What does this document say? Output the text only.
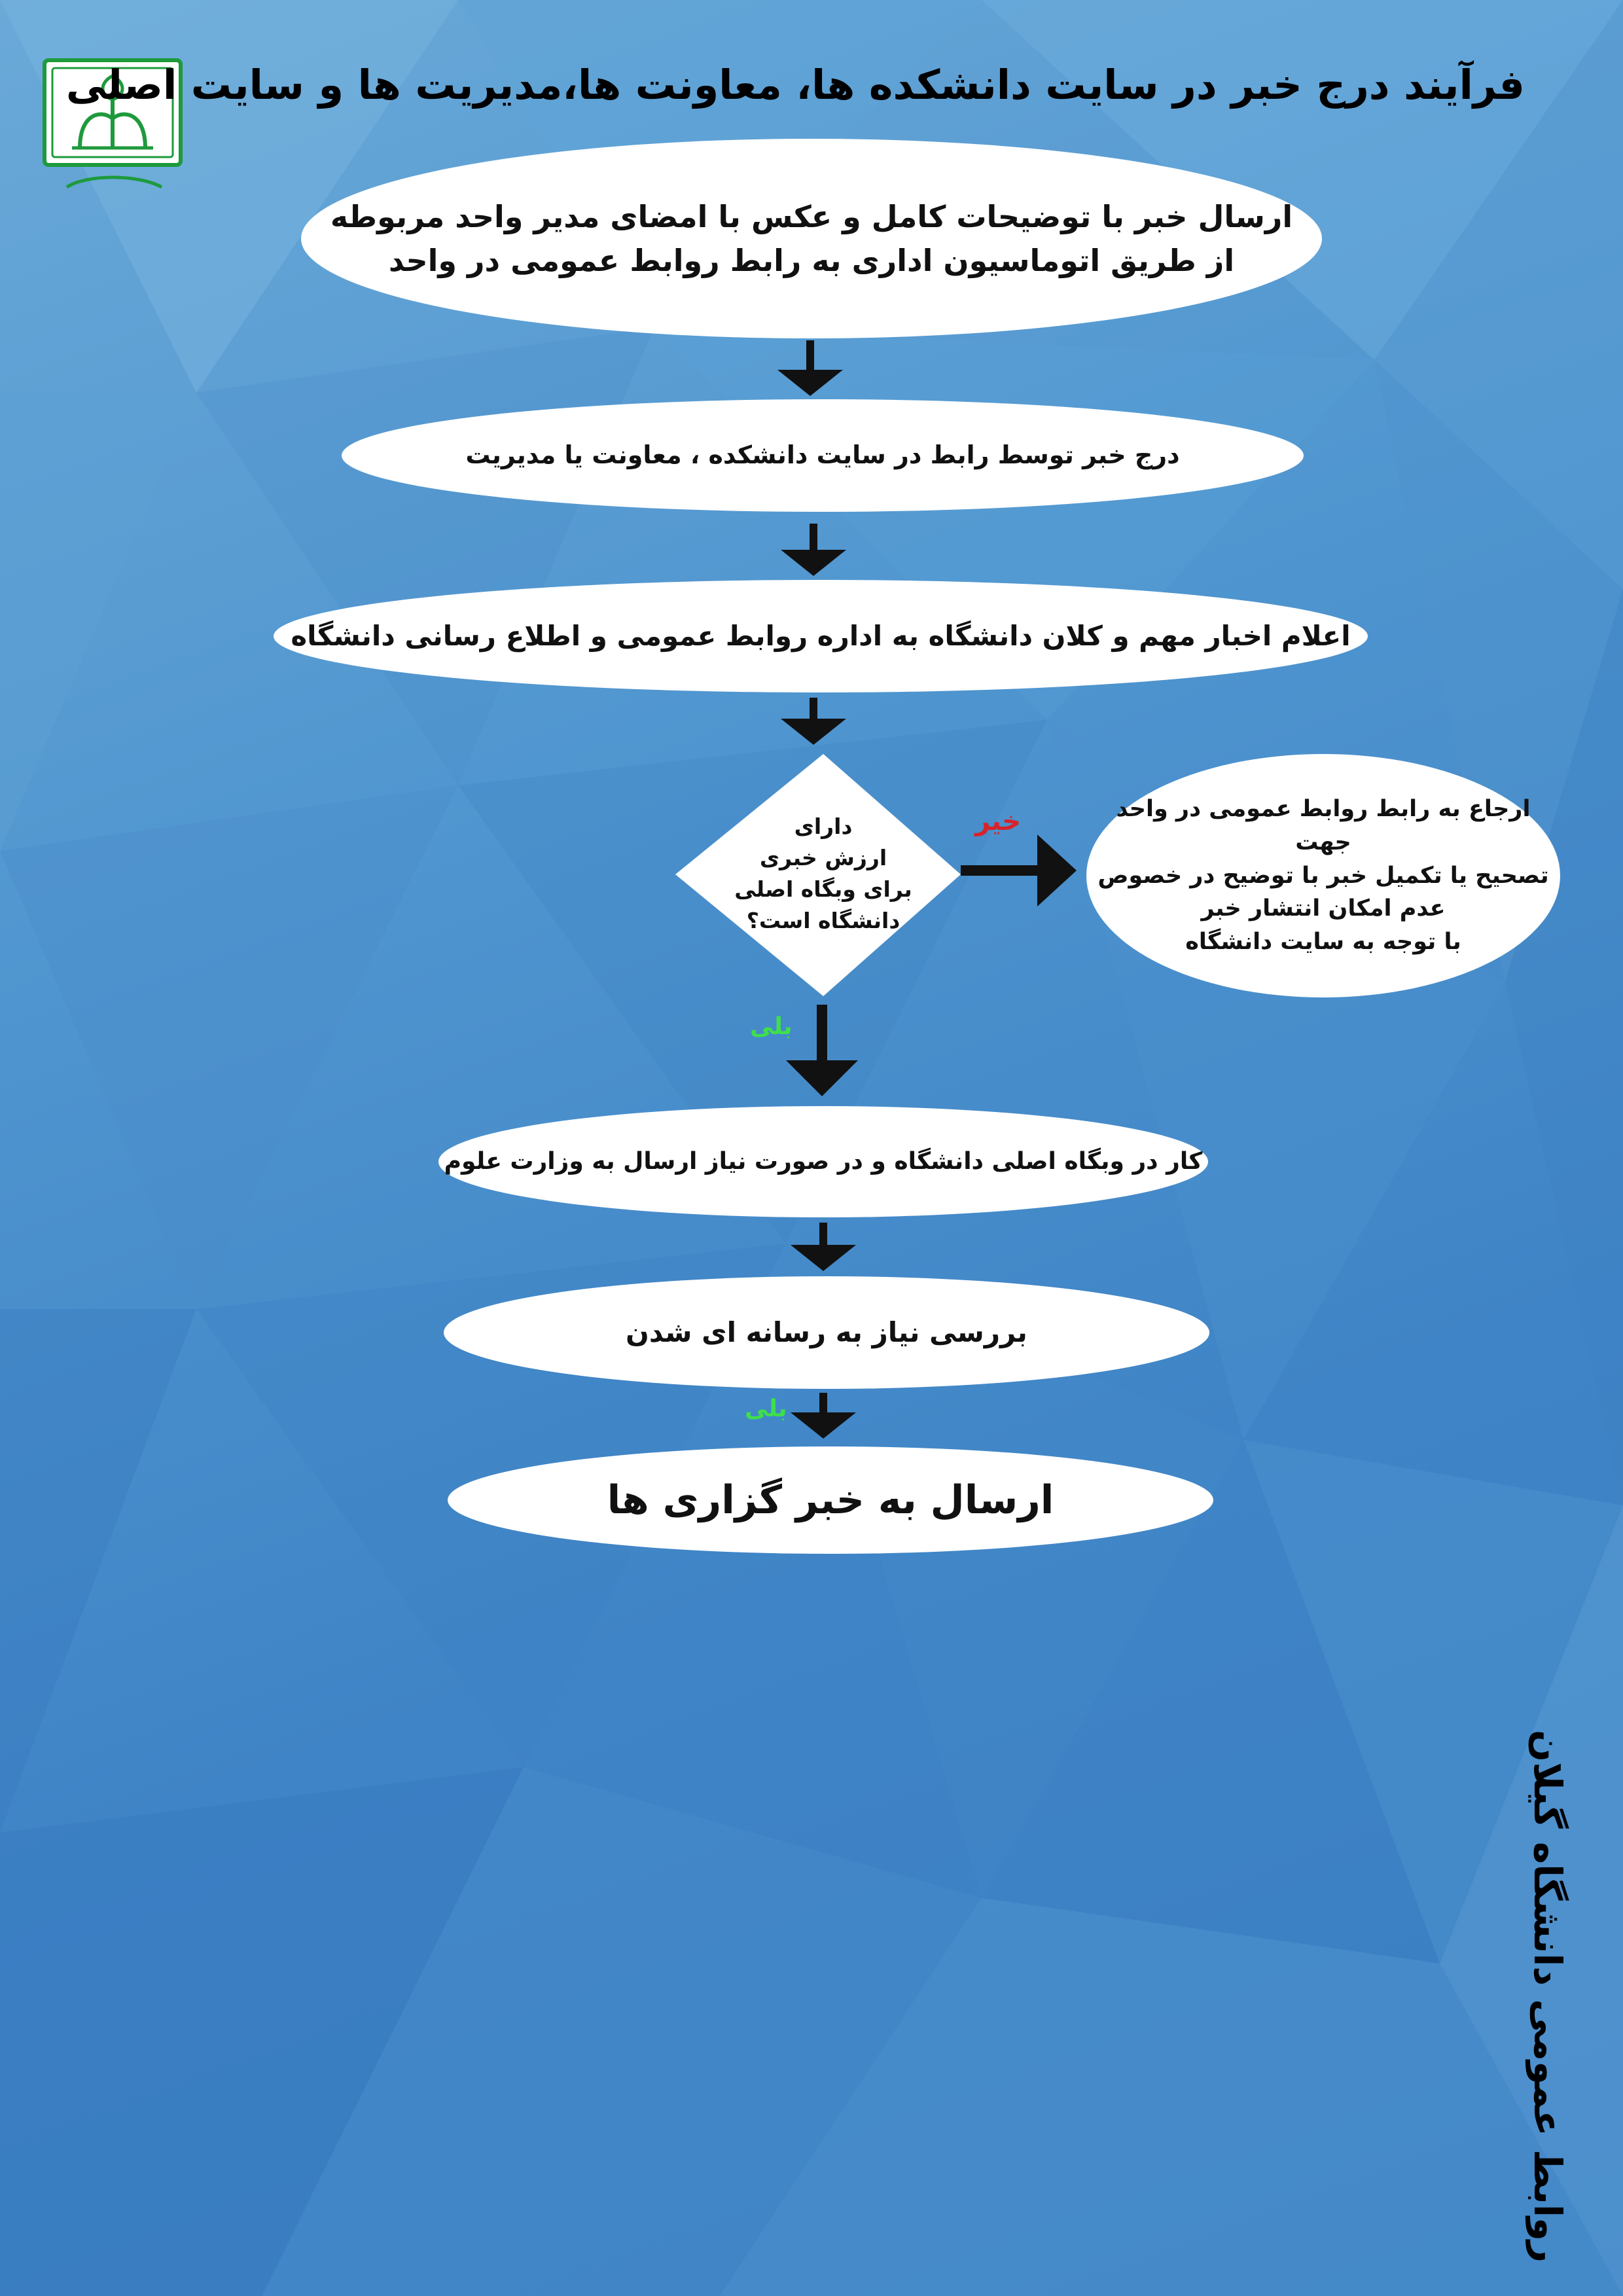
فرآیند درج خبر در سایت دانشکده ها، معاونت ها،مدیریت ها و سایت اصلی
ارسال خبر با توضیحات کامل و عکس با امضای مدیر واحد مربوطه
از طریق اتوماسیون اداری به رابط روابط عمومی در واحد
درج خبر توسط رابط در سایت دانشکده ، معاونت یا مدیریت
اعلام اخبار مهم و کلان دانشگاه به اداره روابط عمومی و اطلاع رسانی دانشگاه
دارای
ارزش خبری
برای وبگاه اصلی
دانشگاه است؟
ارجاع به رابط روابط عمومی در واحد جهت
تصحیح یا تکمیل خبر با توضیح در خصوص
عدم امکان انتشار خبر
با توجه به سایت دانشگاه
کار در وبگاه اصلی دانشگاه و در صورت نیاز ارسال به وزارت علوم
بررسی نیاز به رسانه ای شدن
ارسال به خبر گزاری ها
خیر
بلی
بلی
روابط عمومی دانشگاه گیلان
